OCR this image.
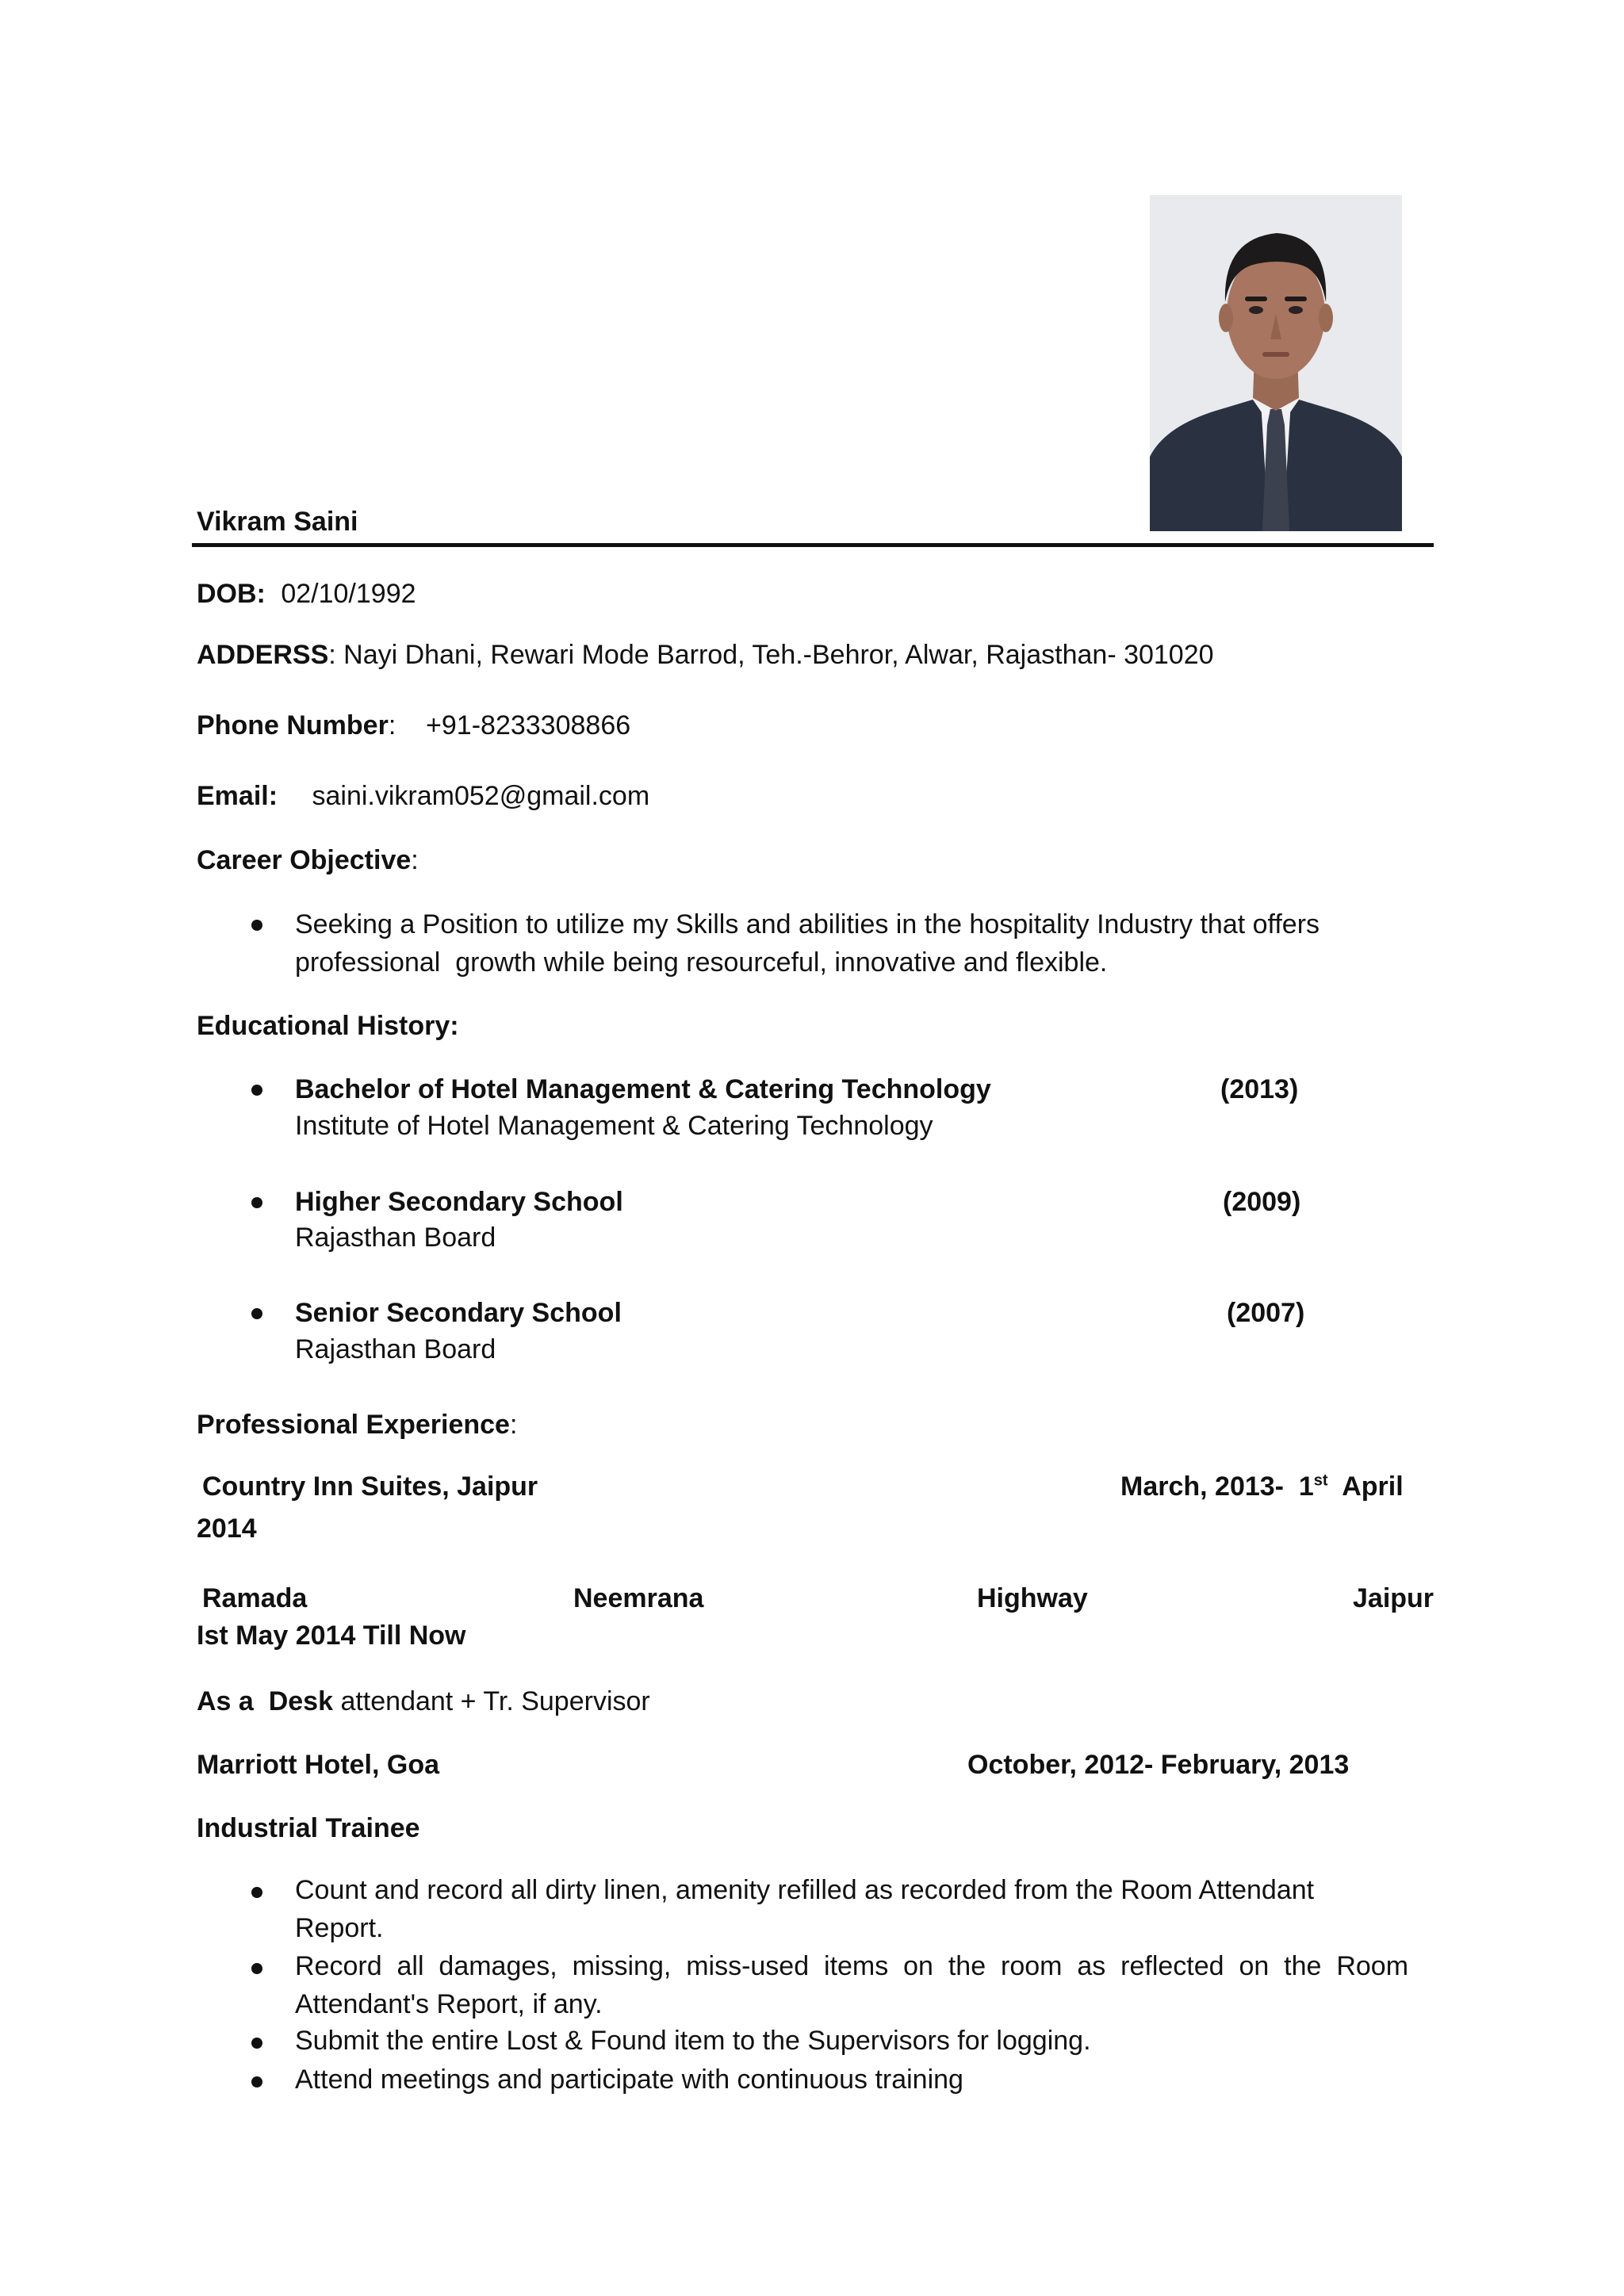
Vikram Saini
DOB: 02/10/1992
ADDERSS: Nayi Dhani, Rewari Mode Barrod, Teh.-Behror, Alwar, Rajasthan- 301020
Phone Number:    +91-8233308866
Email: saini.vikram052@gmail.com
Career Objective:
Seeking a Position to utilize my Skills and abilities in the hospitality Industry that offers
professional  growth while being resourceful, innovative and flexible.
Educational History:
Bachelor of Hotel Management & Catering Technology	(2013)
Institute of Hotel Management & Catering Technology
Higher Secondary School	(2009)
Rajasthan Board
Senior Secondary School	(2007)
Rajasthan Board
Professional Experience:
Country Inn Suites, Jaipur	March, 2013-  1st  April
2014
Ramada	Neemrana	Highway	Jaipur
Ist May 2014 Till Now
As a  Desk attendant + Tr. Supervisor
Marriott Hotel, Goa	October, 2012- February, 2013
Industrial Trainee
Count and record all dirty linen, amenity refilled as recorded from the Room Attendant
Report.
Record  all  damages,  missing,  miss-used  items  on  the  room  as  reflected  on  the  Room
Attendant's Report, if any.
Submit the entire Lost & Found item to the Supervisors for logging.
Attend meetings and participate with continuous training
